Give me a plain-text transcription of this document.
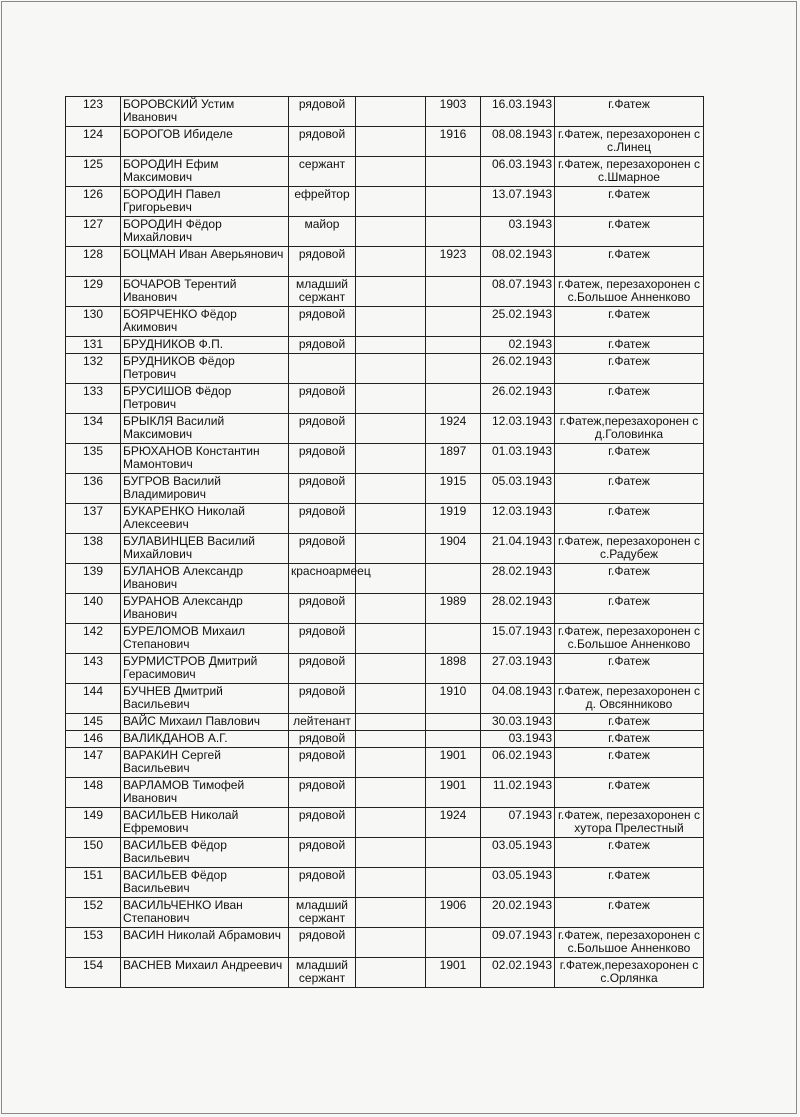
123	БОРОВСКИЙ Устим Иванович	рядовой		1903	16.03.1943	г.Фатеж
124	БОРОГОВ Ибиделе	рядовой		1916	08.08.1943	г.Фатеж, перезахоронен с с.Линец
125	БОРОДИН Ефим Максимович	сержант			06.03.1943	г.Фатеж, перезахоронен с с.Шмарное
126	БОРОДИН Павел Григорьевич	ефрейтор			13.07.1943	г.Фатеж
127	БОРОДИН Фёдор Михайлович	майор			03.1943	г.Фатеж
128	БОЦМАН Иван Аверьянович	рядовой		1923	08.02.1943	г.Фатеж
129	БОЧАРОВ Терентий Иванович	младший сержант			08.07.1943	г.Фатеж, перезахоронен с с.Большое Анненково
130	БОЯРЧЕНКО Фёдор Акимович	рядовой			25.02.1943	г.Фатеж
131	БРУДНИКОВ Ф.П.	рядовой			02.1943	г.Фатеж
132	БРУДНИКОВ Фёдор Петрович				26.02.1943	г.Фатеж
133	БРУСИШОВ Фёдор Петрович	рядовой			26.02.1943	г.Фатеж
134	БРЫКЛЯ Василий Максимович	рядовой		1924	12.03.1943	г.Фатеж,перезахоронен с д.Головинка
135	БРЮХАНОВ Константин Мамонтович	рядовой		1897	01.03.1943	г.Фатеж
136	БУГРОВ Василий Владимирович	рядовой		1915	05.03.1943	г.Фатеж
137	БУКАРЕНКО Николай Алексеевич	рядовой		1919	12.03.1943	г.Фатеж
138	БУЛАВИНЦЕВ Василий Михайлович	рядовой		1904	21.04.1943	г.Фатеж, перезахоронен с с.Радубеж
139	БУЛАНОВ Александр Иванович	красноармеец			28.02.1943	г.Фатеж
140	БУРАНОВ Александр Иванович	рядовой		1989	28.02.1943	г.Фатеж
142	БУРЕЛОМОВ Михаил Степанович	рядовой			15.07.1943	г.Фатеж, перезахоронен с с.Большое Анненково
143	БУРМИСТРОВ Дмитрий Герасимович	рядовой		1898	27.03.1943	г.Фатеж
144	БУЧНЕВ Дмитрий Васильевич	рядовой		1910	04.08.1943	г.Фатеж, перезахоронен с д. Овсянниково
145	ВАЙС Михаил Павлович	лейтенант			30.03.1943	г.Фатеж
146	ВАЛИКДАНОВ А.Г.	рядовой			03.1943	г.Фатеж
147	ВАРАКИН Сергей Васильевич	рядовой		1901	06.02.1943	г.Фатеж
148	ВАРЛАМОВ Тимофей Иванович	рядовой		1901	11.02.1943	г.Фатеж
149	ВАСИЛЬЕВ Николай Ефремович	рядовой		1924	07.1943	г.Фатеж, перезахоронен с хутора Прелестный
150	ВАСИЛЬЕВ Фёдор Васильевич	рядовой			03.05.1943	г.Фатеж
151	ВАСИЛЬЕВ Фёдор Васильевич	рядовой			03.05.1943	г.Фатеж
152	ВАСИЛЬЧЕНКО Иван Степанович	младший сержант		1906	20.02.1943	г.Фатеж
153	ВАСИН Николай Абрамович	рядовой			09.07.1943	г.Фатеж, перезахоронен с с.Большое Анненково
154	ВАСНЕВ Михаил Андреевич	младший сержант		1901	02.02.1943	г.Фатеж,перезахоронен с с.Орлянка
